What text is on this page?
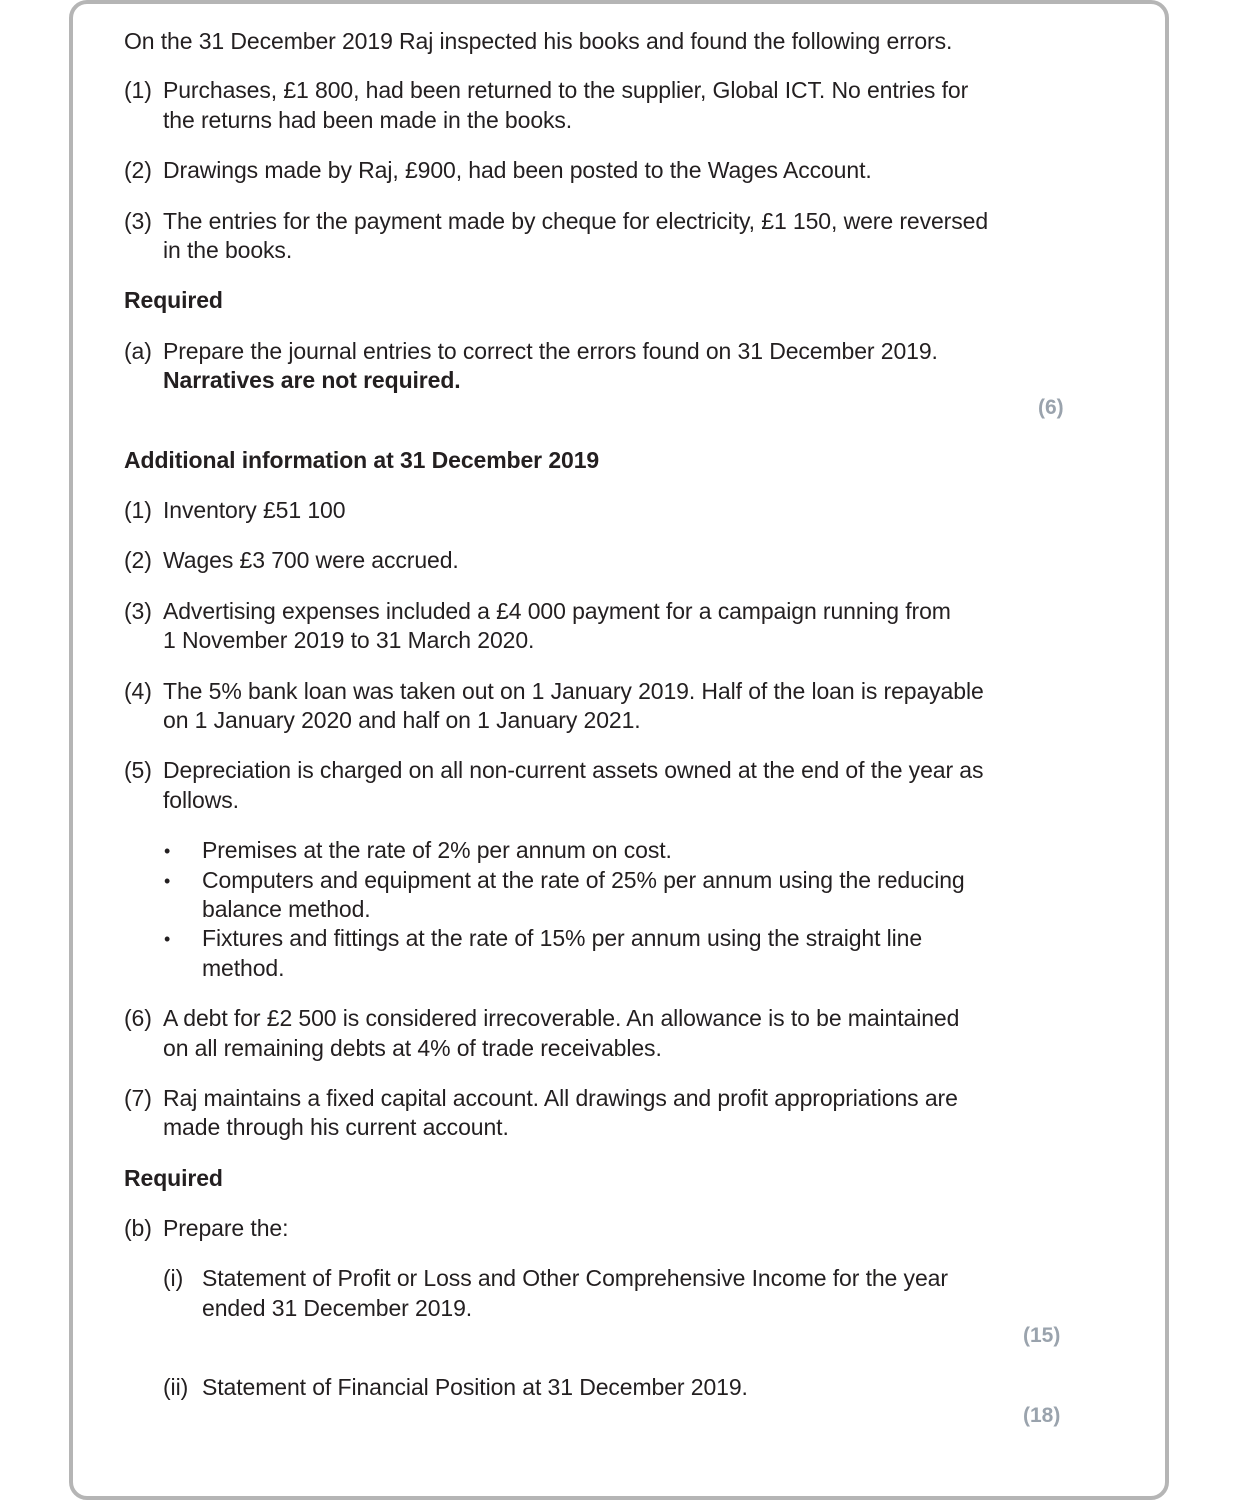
On the 31 December 2019 Raj inspected his books and found the following errors.
(1) Purchases, £1 800, had been returned to the supplier, Global ICT. No entries for
the returns had been made in the books.
(2) Drawings made by Raj, £900, had been posted to the Wages Account.
(3) The entries for the payment made by cheque for electricity, £1 150, were reversed
in the books.
Required
(a) Prepare the journal entries to correct the errors found on 31 December 2019.
Narratives are not required.
(6)
Additional information at 31 December 2019
(1) Inventory £51 100
(2) Wages £3 700 were accrued.
(3) Advertising expenses included a £4 000 payment for a campaign running from
1 November 2019 to 31 March 2020.
(4) The 5% bank loan was taken out on 1 January 2019. Half of the loan is repayable
on 1 January 2020 and half on 1 January 2021.
(5) Depreciation is charged on all non-current assets owned at the end of the year as
follows.
• Premises at the rate of 2% per annum on cost.
• Computers and equipment at the rate of 25% per annum using the reducing
balance method.
• Fixtures and fittings at the rate of 15% per annum using the straight line
method.
(6) A debt for £2 500 is considered irrecoverable. An allowance is to be maintained
on all remaining debts at 4% of trade receivables.
(7) Raj maintains a fixed capital account. All drawings and profit appropriations are
made through his current account.
Required
(b) Prepare the:
(i) Statement of Profit or Loss and Other Comprehensive Income for the year
ended 31 December 2019.
(15)
(ii) Statement of Financial Position at 31 December 2019.
(18)
